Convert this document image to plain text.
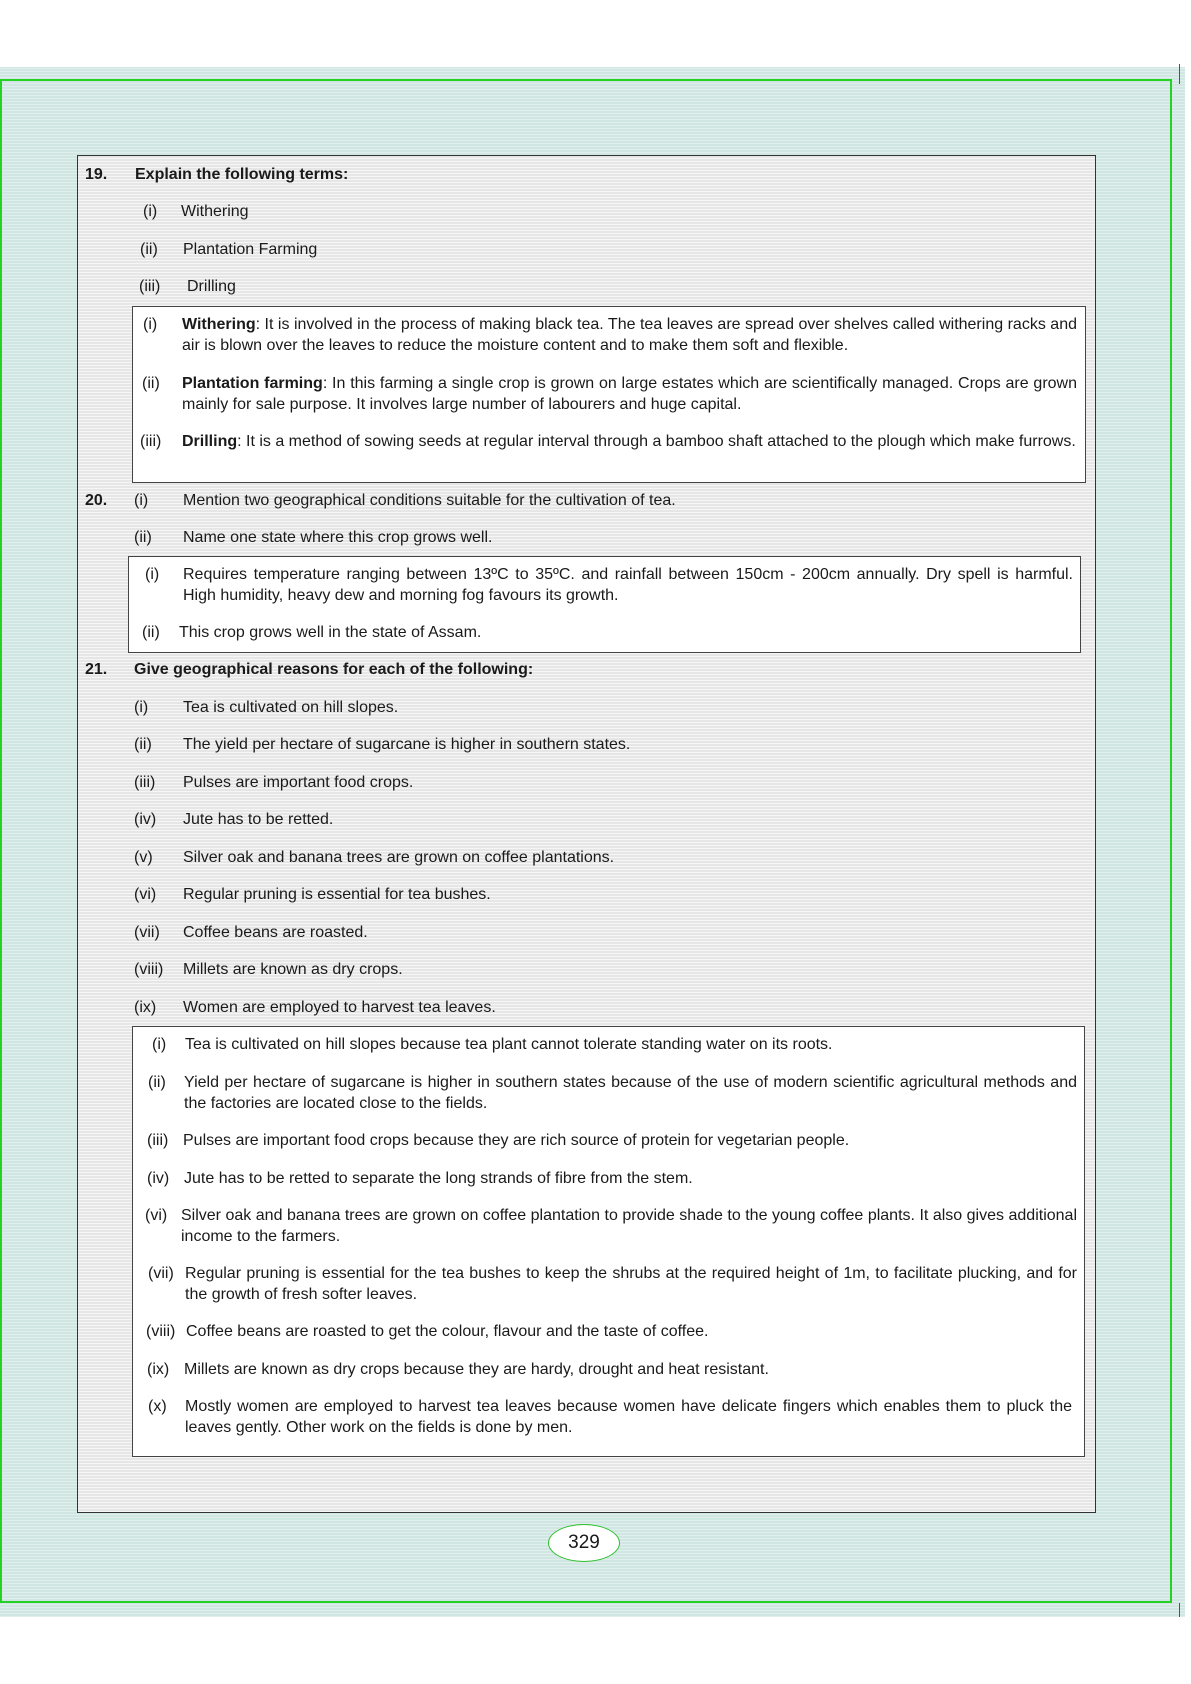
19. Explain the following terms:
(i) Withering
(ii) Plantation Farming
(iii) Drilling
(i)	Withering: It is involved in the process of making black tea. The tea leaves are spread over shelves called withering racks and air is blown over the leaves to reduce the moisture content and to make them soft and flexible.
(ii)	Plantation farming: In this farming a single crop is grown on large estates which are scientifically managed. Crops are grown mainly for sale purpose. It involves large number of labourers and huge capital.
(iii)	Drilling: It is a method of sowing seeds at regular interval through a bamboo shaft attached to the plough which make furrows.
20. (i) Mention two geographical conditions suitable for the cultivation of tea.
(ii) Name one state where this crop grows well.
(i)	Requires temperature ranging between 13ºC to 35ºC. and rainfall between 150cm - 200cm annually. Dry spell is harmful. High humidity, heavy dew and morning fog favours its growth.
(ii)	This crop grows well in the state of Assam.
21. Give geographical reasons for each of the following:
(i) Tea is cultivated on hill slopes.
(ii) The yield per hectare of sugarcane is higher in southern states.
(iii) Pulses are important food crops.
(iv) Jute has to be retted.
(v) Silver oak and banana trees are grown on coffee plantations.
(vi) Regular pruning is essential for tea bushes.
(vii) Coffee beans are roasted.
(viii) Millets are known as dry crops.
(ix) Women are employed to harvest tea leaves.
(i)	Tea is cultivated on hill slopes because tea plant cannot tolerate standing water on its roots.
(ii)	Yield per hectare of sugarcane is higher in southern states because of the use of modern scientific agricultural methods and the factories are located close to the fields.
(iii) Pulses are important food crops because they are rich source of protein for vegetarian people.
(iv) Jute has to be retted to separate the long strands of fibre from the stem.
(vi) Silver oak and banana trees are grown on coffee plantation to provide shade to the young coffee plants. It also gives additional income to the farmers.
(vii) Regular pruning is essential for the tea bushes to keep the shrubs at the required height of 1m, to facilitate plucking, and for the growth of fresh softer leaves.
(viii) Coffee beans are roasted to get the colour, flavour and the taste of coffee.
(ix) Millets are known as dry crops because they are hardy, drought and heat resistant.
(x)	Mostly women are employed to harvest tea leaves because women have delicate fingers which enables them to pluck the leaves gently. Other work on the fields is done by men.
329
